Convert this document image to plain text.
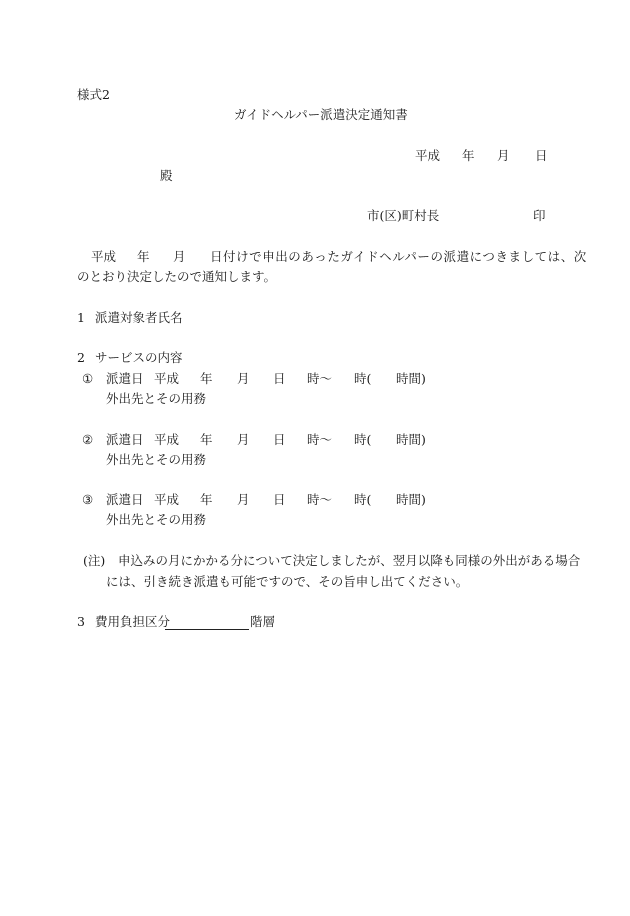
様式2
ガイドヘルパー派遣決定通知書
平成 年 月 日
殿
市(区)町村長	印
平成 年 月 日付けで申出のあったガイドヘルパーの派遣につきましては、次
のとおり決定したので通知します。
1 派遣対象者氏名
2 サービスの内容
① 派遣日 平成 年 月 日 時〜 時( 時間)
外出先とその用務
② 派遣日 平成 年 月 日 時〜 時( 時間)
外出先とその用務
③ 派遣日 平成 年 月 日 時〜 時( 時間)
外出先とその用務
(注) 申込みの月にかかる分について決定しましたが、翌月以降も同様の外出がある場合
には、引き続き派遣も可能ですので、その旨申し出てください。
3 費用負担区分	階層
